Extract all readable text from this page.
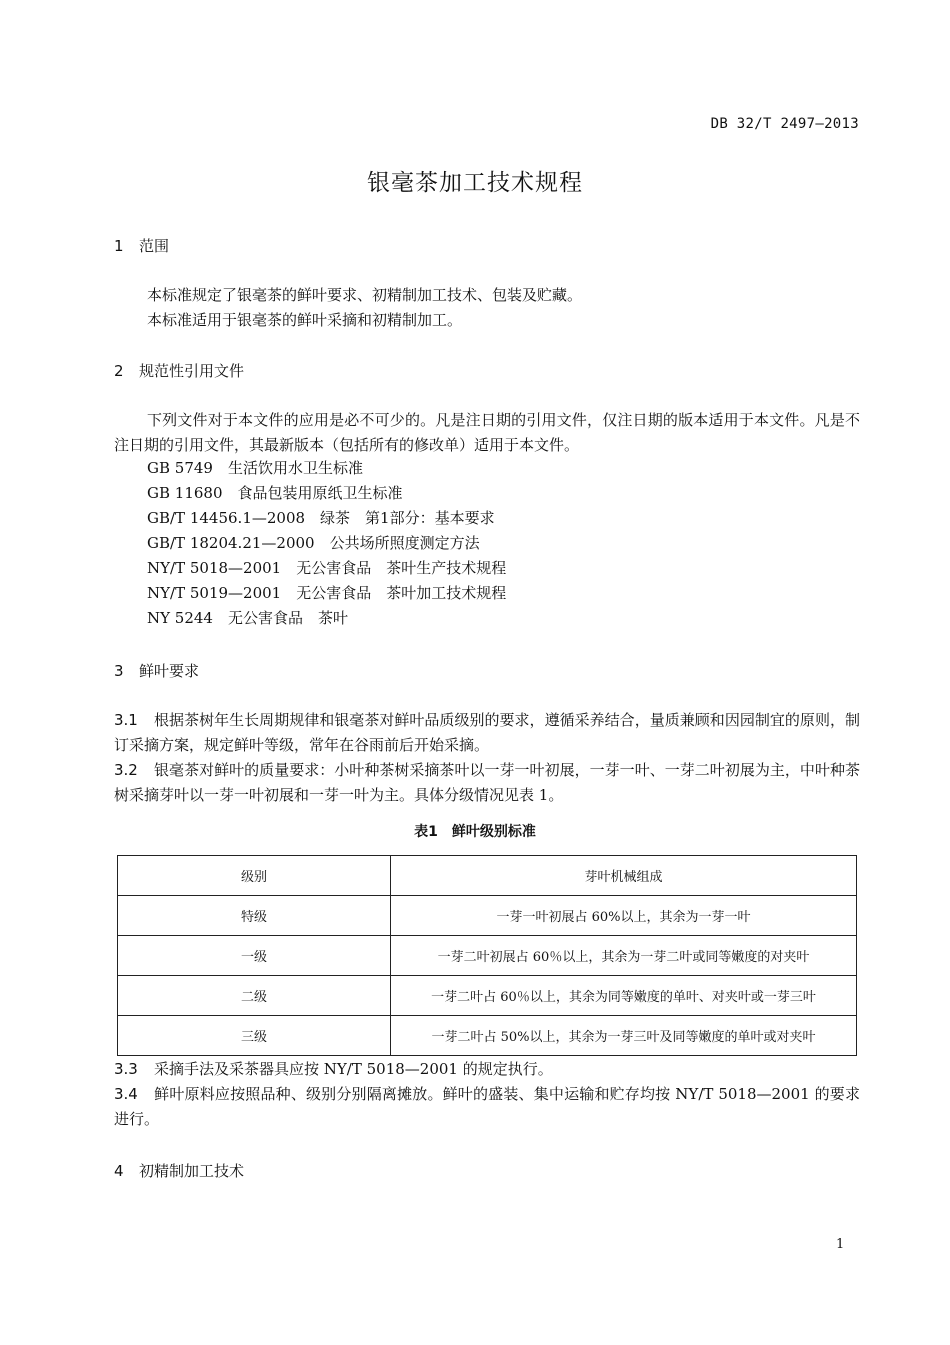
DB 32/T 2497—2013
银毫茶加工技术规程
1 范围
本标准规定了银毫茶的鲜叶要求、初精制加工技术、包装及贮藏。
本标准适用于银毫茶的鲜叶采摘和初精制加工。
2 规范性引用文件
下列文件对于本文件的应用是必不可少的。凡是注日期的引用文件，仅注日期的版本适用于本文件。凡是不注日期的引用文件，其最新版本（包括所有的修改单）适用于本文件。
GB 5749　生活饮用水卫生标准
GB 11680　食品包装用原纸卫生标准
GB/T 14456.1—2008　绿茶　第1部分：基本要求
GB/T 18204.21—2000　公共场所照度测定方法
NY/T 5018—2001　无公害食品　茶叶生产技术规程
NY/T 5019—2001　无公害食品　茶叶加工技术规程
NY 5244　无公害食品　茶叶
3 鲜叶要求
3.1 根据茶树年生长周期规律和银毫茶对鲜叶品质级别的要求，遵循采养结合，量质兼顾和因园制宜的原则，制订采摘方案，规定鲜叶等级，常年在谷雨前后开始采摘。
3.2 银毫茶对鲜叶的质量要求：小叶种茶树采摘茶叶以一芽一叶初展，一芽一叶、一芽二叶初展为主，中叶种茶树采摘芽叶以一芽一叶初展和一芽一叶为主。具体分级情况见表 1。
表1　鲜叶级别标准
级别	芽叶机械组成
特级	一芽一叶初展占 60%以上，其余为一芽一叶
一级	一芽二叶初展占 60％以上，其余为一芽二叶或同等嫩度的对夹叶
二级	一芽二叶占 60％以上，其余为同等嫩度的单叶、对夹叶或一芽三叶
三级	一芽二叶占 50%以上，其余为一芽三叶及同等嫩度的单叶或对夹叶
3.3 采摘手法及采茶器具应按 NY/T 5018—2001 的规定执行。
3.4 鲜叶原料应按照品种、级别分别隔离摊放。鲜叶的盛装、集中运输和贮存均按 NY/T 5018—2001 的要求进行。
4 初精制加工技术
1
